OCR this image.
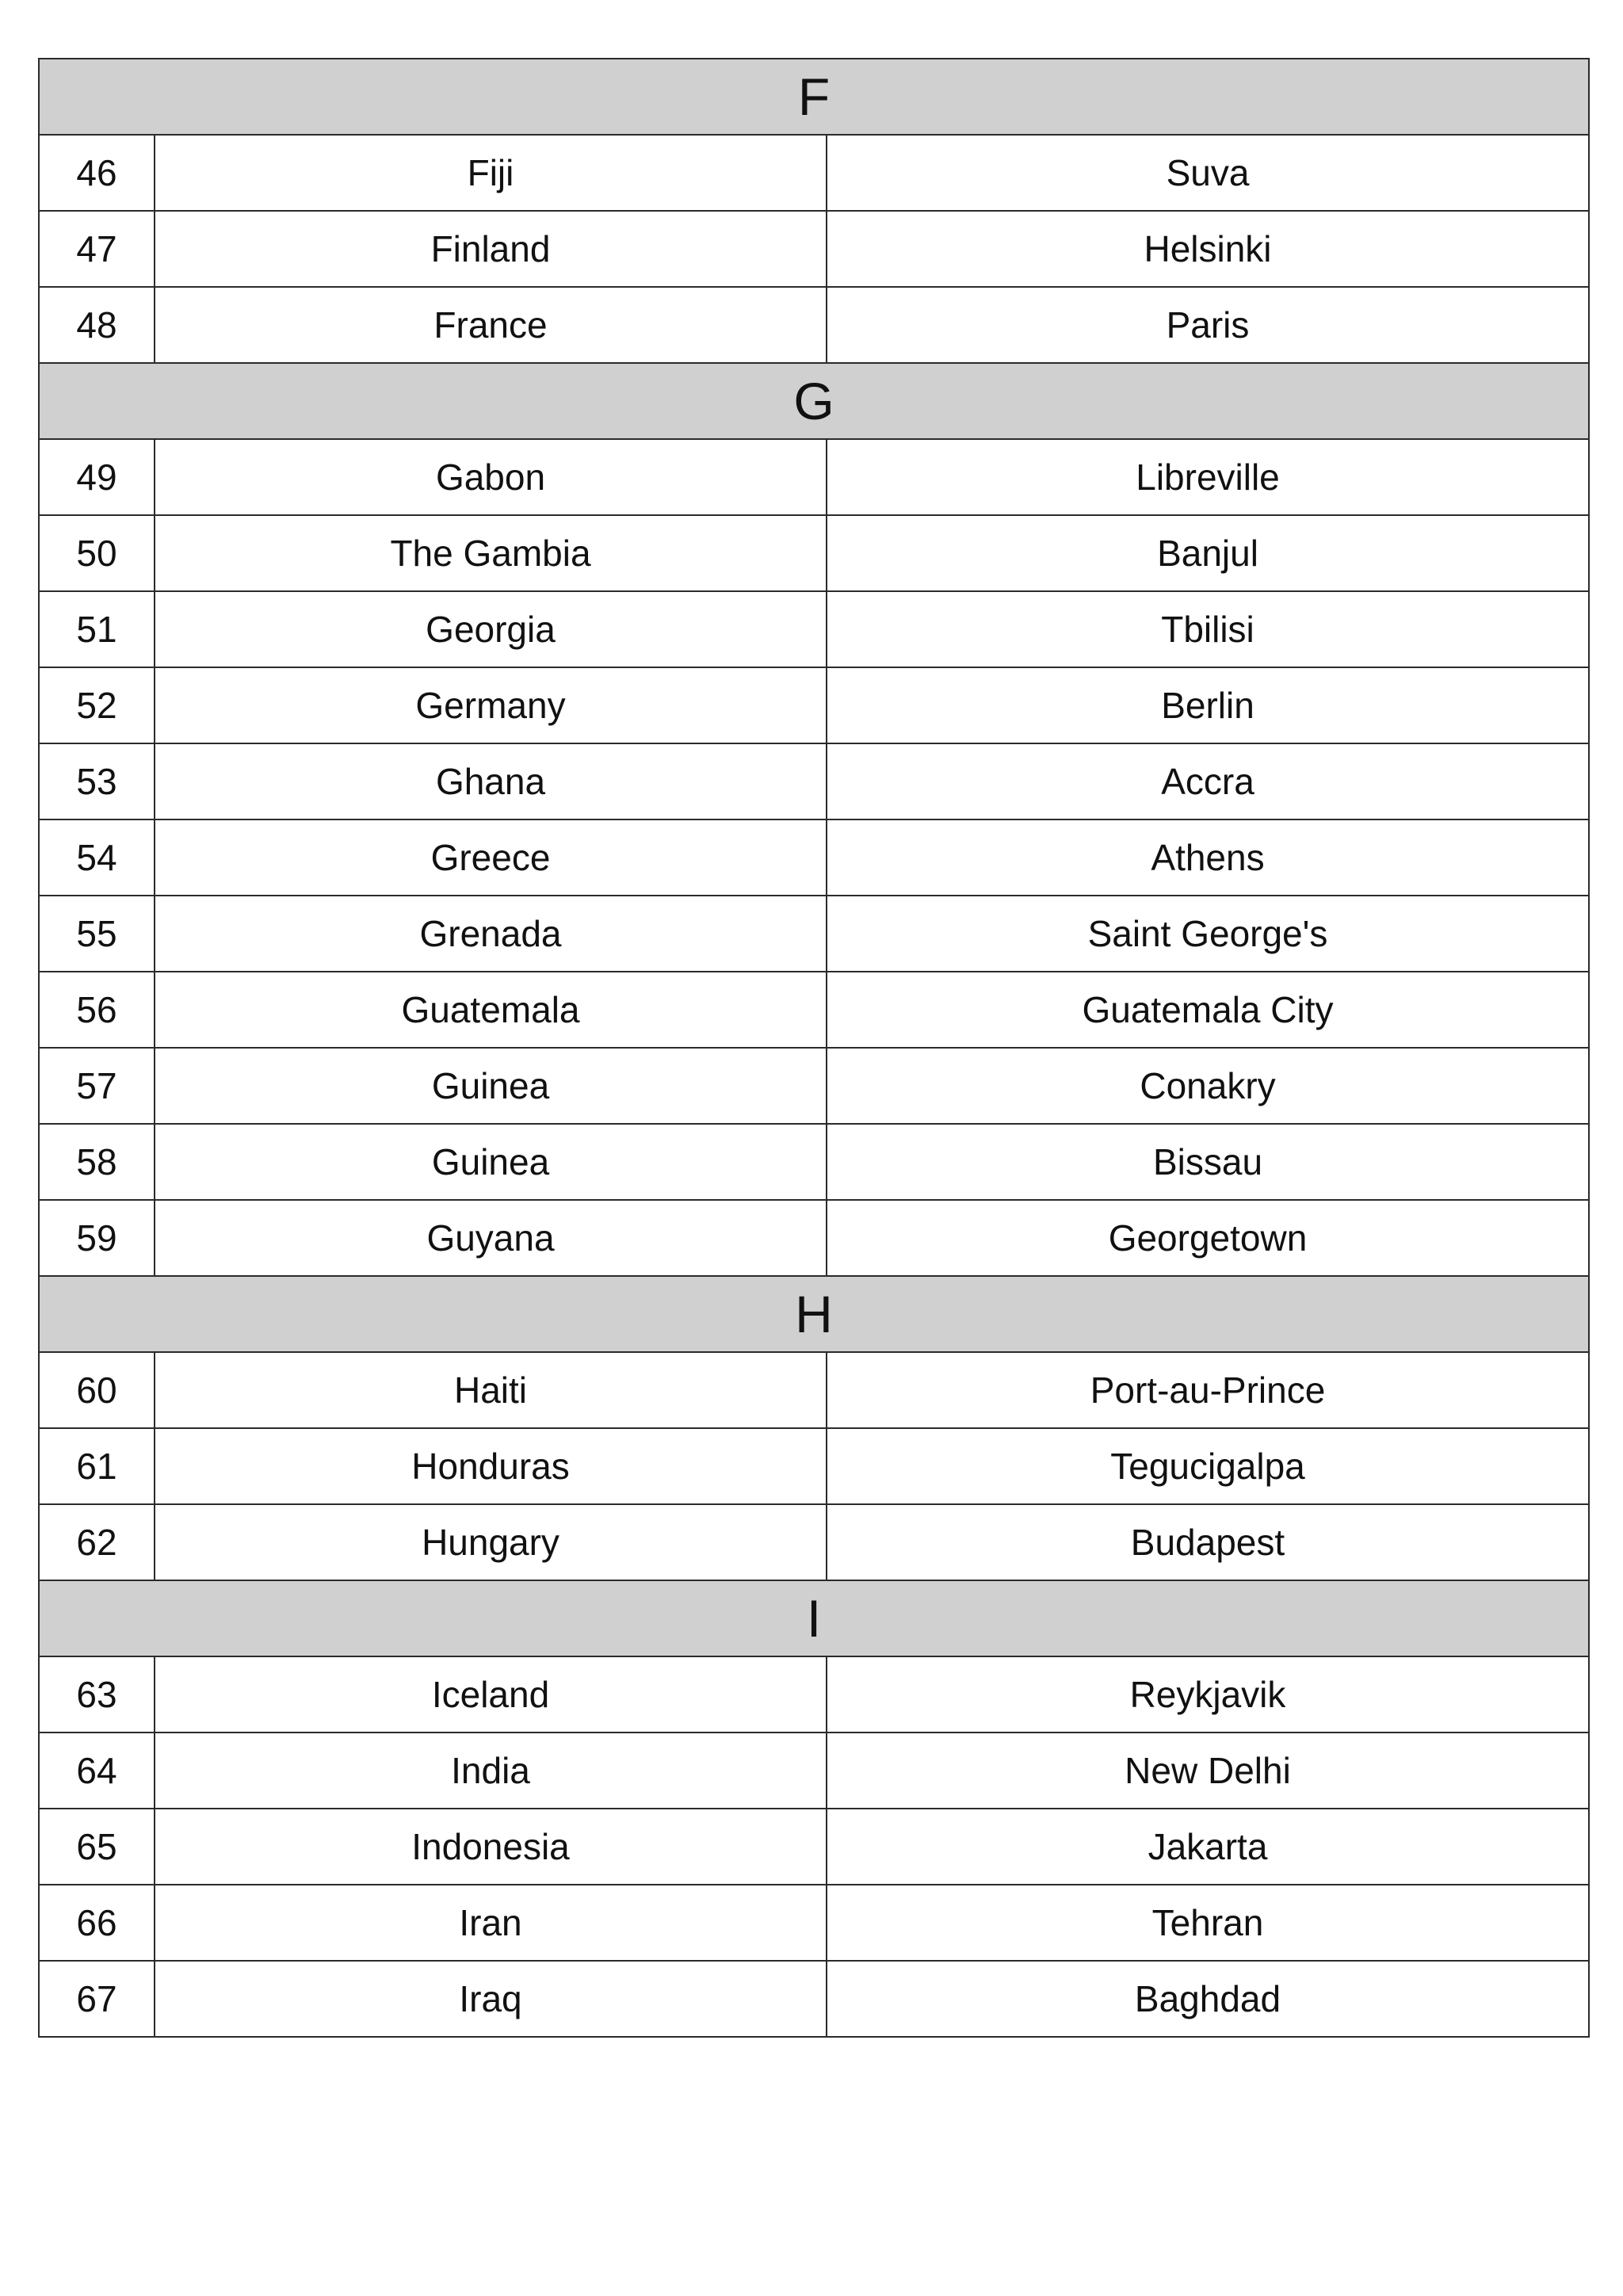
F		
46	Fiji	Suva
47	Finland	Helsinki
48	France	Paris
G		
49	Gabon	Libreville
50	The Gambia	Banjul
51	Georgia	Tbilisi
52	Germany	Berlin
53	Ghana	Accra
54	Greece	Athens
55	Grenada	Saint George's
56	Guatemala	Guatemala City
57	Guinea	Conakry
58	Guinea	Bissau
59	Guyana	Georgetown
H		
60	Haiti	Port-au-Prince
61	Honduras	Tegucigalpa
62	Hungary	Budapest
I		
63	Iceland	Reykjavik
64	India	New Delhi
65	Indonesia	Jakarta
66	Iran	Tehran
67	Iraq	Baghdad
